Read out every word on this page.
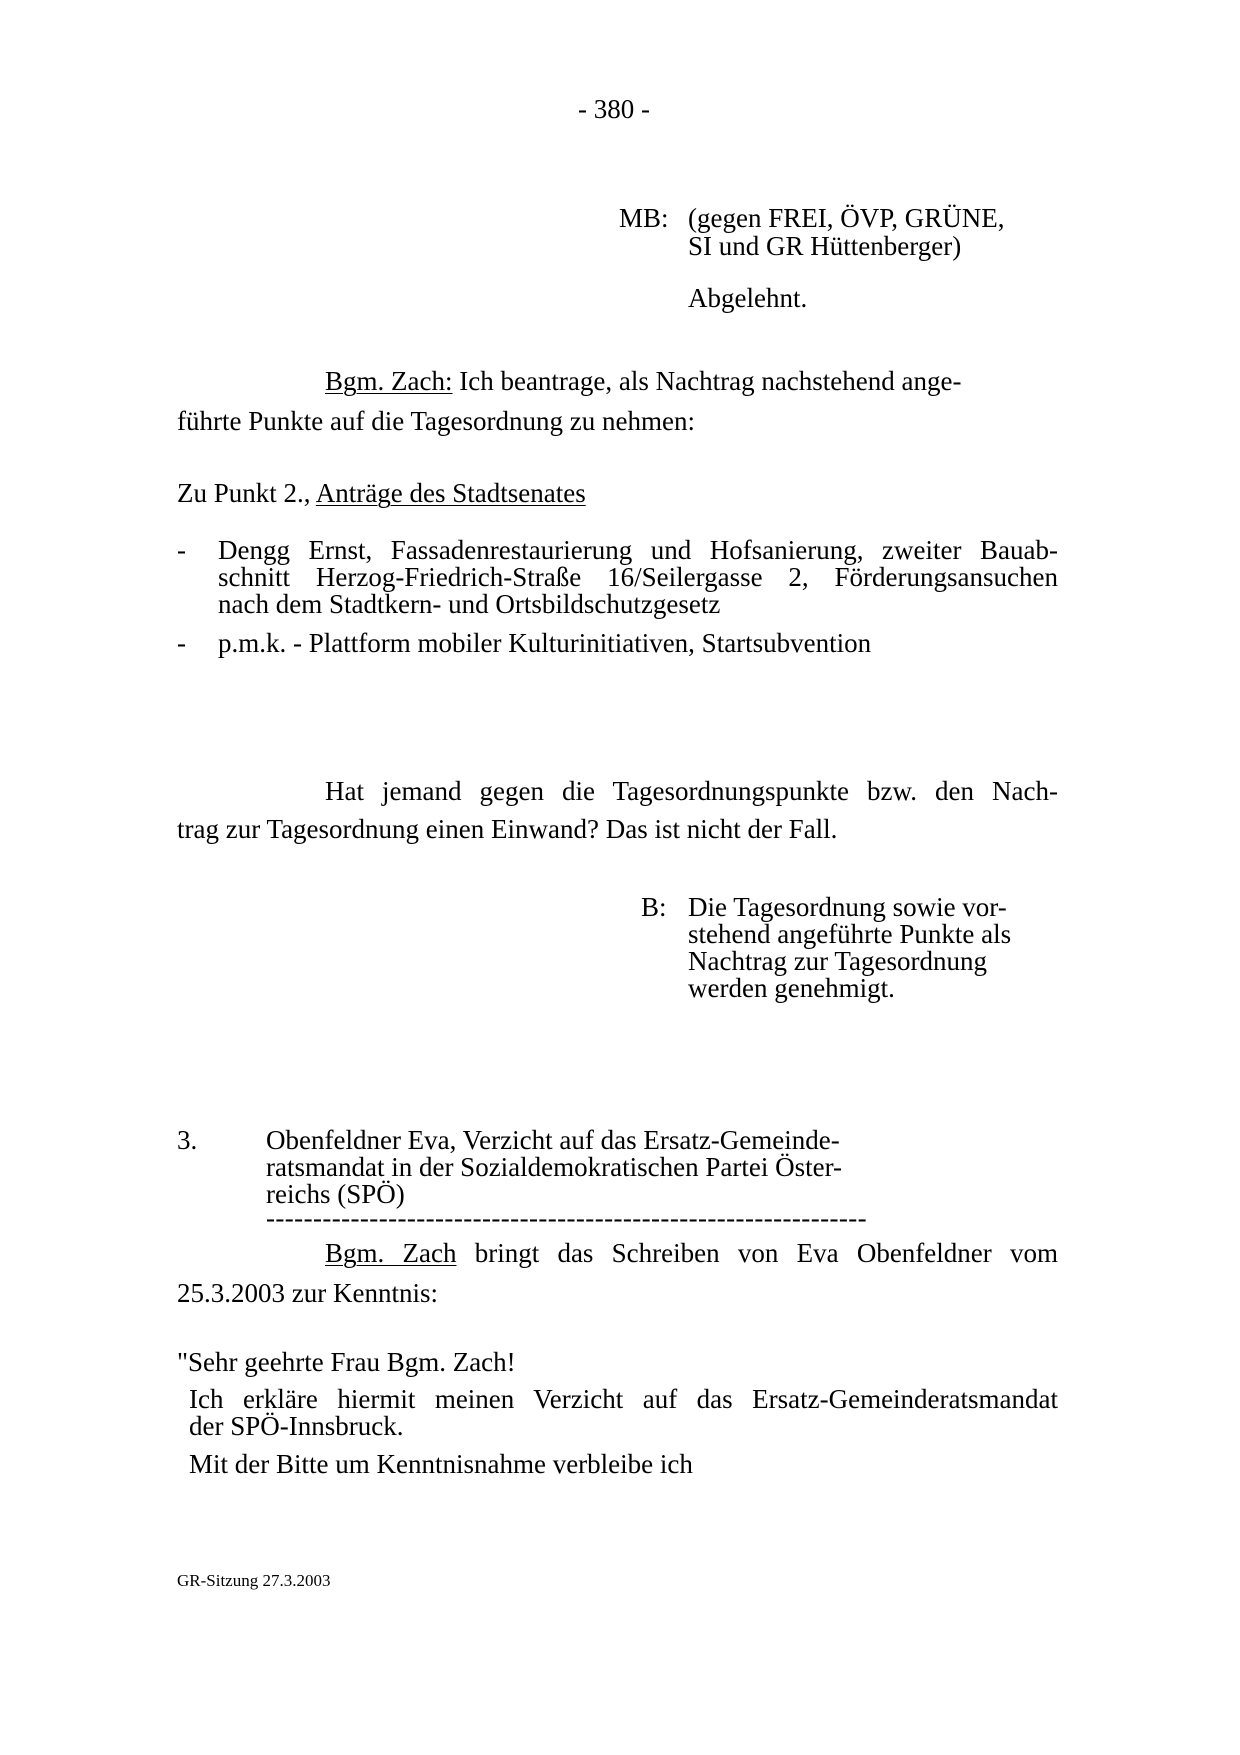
- 380 -
MB: (gegen FREI, ÖVP, GRÜNE,
SI und GR Hüttenberger)
Abgelehnt.
Bgm. Zach: Ich beantrage, als Nachtrag nachstehend ange-
führte Punkte auf die Tagesordnung zu nehmen:
Zu Punkt 2., Anträge des Stadtsenates
- Dengg Ernst, Fassadenrestaurierung und Hofsanierung, zweiter Bauab-
schnitt Herzog-Friedrich-Straße 16/Seilergasse 2, Förderungsansuchen
nach dem Stadtkern- und Ortsbildschutzgesetz
- p.m.k. - Plattform mobiler Kulturinitiativen, Startsubvention
Hat jemand gegen die Tagesordnungspunkte bzw. den Nach-
trag zur Tagesordnung einen Einwand? Das ist nicht der Fall.
B: Die Tagesordnung sowie vor-
stehend angeführte Punkte als
Nachtrag zur Tagesordnung
werden genehmigt.
3.	Obenfeldner Eva, Verzicht auf das Ersatz-Gemeinde-
ratsmandat in der Sozialdemokratischen Partei Öster-
reichs (SPÖ)
----------------------------------------------------------------
Bgm. Zach bringt das Schreiben von Eva Obenfeldner vom
25.3.2003 zur Kenntnis:
"Sehr geehrte Frau Bgm. Zach!
Ich erkläre hiermit meinen Verzicht auf das Ersatz-Gemeinderatsmandat
der SPÖ-Innsbruck.
Mit der Bitte um Kenntnisnahme verbleibe ich
GR-Sitzung 27.3.2003
